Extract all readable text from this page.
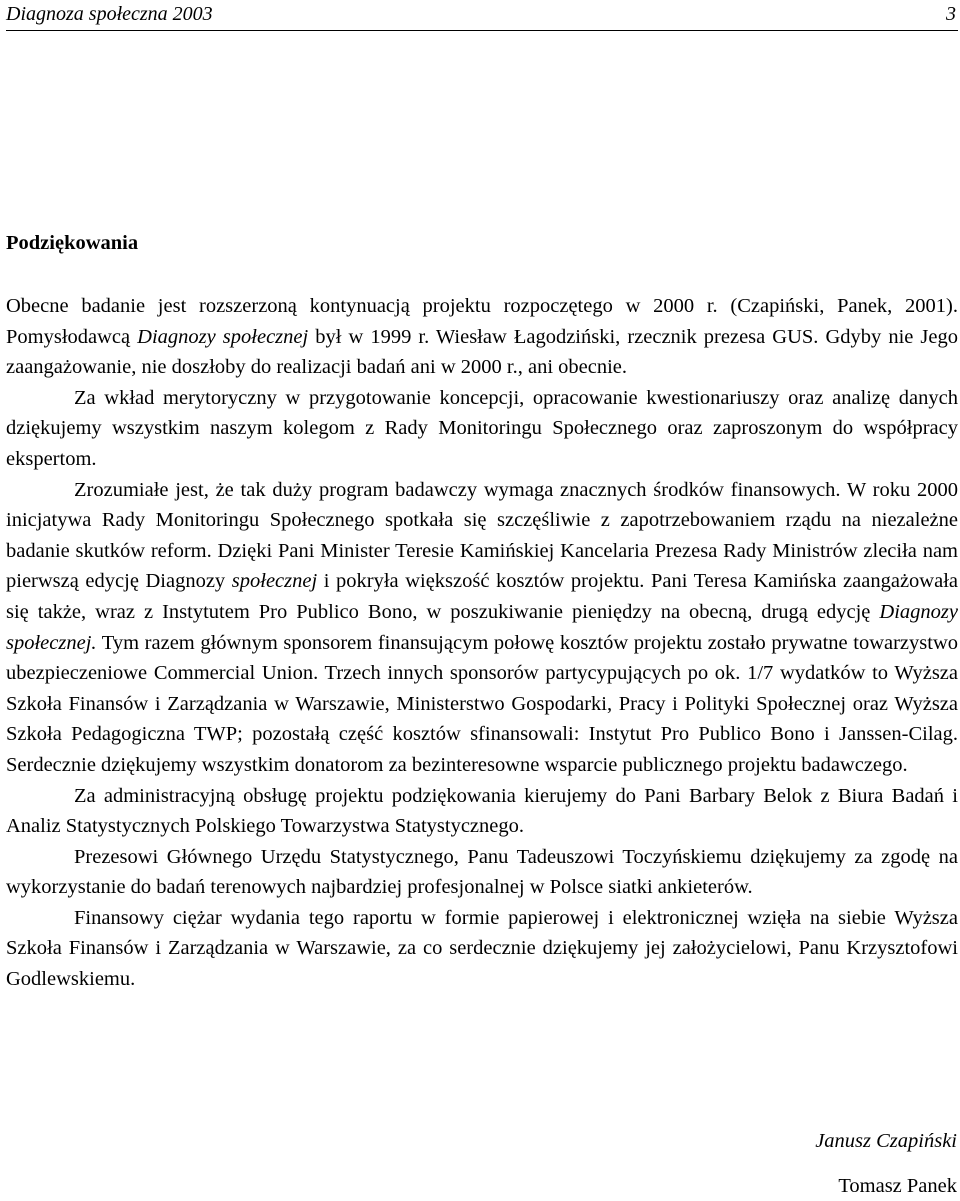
Diagnoza społeczna 2003	3
Podziękowania

Obecne badanie jest rozszerzoną kontynuacją projektu rozpoczętego w 2000 r. (Czapiński, Panek, 2001). Pomysłodawcą Diagnozy społecznej był w 1999 r. Wiesław Łagodziński, rzecznik prezesa GUS. Gdyby nie Jego zaangażowanie, nie doszłoby do realizacji badań ani w 2000 r., ani obecnie.

Za wkład merytoryczny w przygotowanie koncepcji, opracowanie kwestionariuszy oraz analizę danych dziękujemy wszystkim naszym kolegom z Rady Monitoringu Społecznego oraz zaproszonym do współpracy ekspertom.

Zrozumiałe jest, że tak duży program badawczy wymaga znacznych środków finansowych. W roku 2000 inicjatywa Rady Monitoringu Społecznego spotkała się szczęśliwie z zapotrzebowaniem rządu na niezależne badanie skutków reform. Dzięki Pani Minister Teresie Kamińskiej Kancelaria Prezesa Rady Ministrów zleciła nam pierwszą edycję Diagnozy społecznej i pokryła większość kosztów projektu. Pani Teresa Kamińska zaangażowała się także, wraz z Instytutem Pro Publico Bono, w poszukiwanie pieniędzy na obecną, drugą edycję Diagnozy społecznej. Tym razem głównym sponsorem finansującym połowę kosztów projektu zostało prywatne towarzystwo ubezpieczeniowe Commercial Union. Trzech innych sponsorów partycypujących po ok. 1/7 wydatków to Wyższa Szkoła Finansów i Zarządzania w Warszawie, Ministerstwo Gospodarki, Pracy i Polityki Społecznej oraz Wyższa Szkoła Pedagogiczna TWP; pozostałą część kosztów sfinansowali: Instytut Pro Publico Bono i Janssen-Cilag. Serdecznie dziękujemy wszystkim donatorom za bezinteresowne wsparcie publicznego projektu badawczego.

Za administracyjną obsługę projektu podziękowania kierujemy do Pani Barbary Belok z Biura Badań i Analiz Statystycznych Polskiego Towarzystwa Statystycznego.

Prezesowi Głównego Urzędu Statystycznego, Panu Tadeuszowi Toczyńskiemu dziękujemy za zgodę na wykorzystanie do badań terenowych najbardziej profesjonalnej w Polsce siatki ankieterów.

Finansowy ciężar wydania tego raportu w formie papierowej i elektronicznej wzięła na siebie Wyższa Szkoła Finansów i Zarządzania w Warszawie, za co serdecznie dziękujemy jej założycielowi, Panu Krzysztofowi Godlewskiemu.

Janusz Czapiński
Tomasz Panek
